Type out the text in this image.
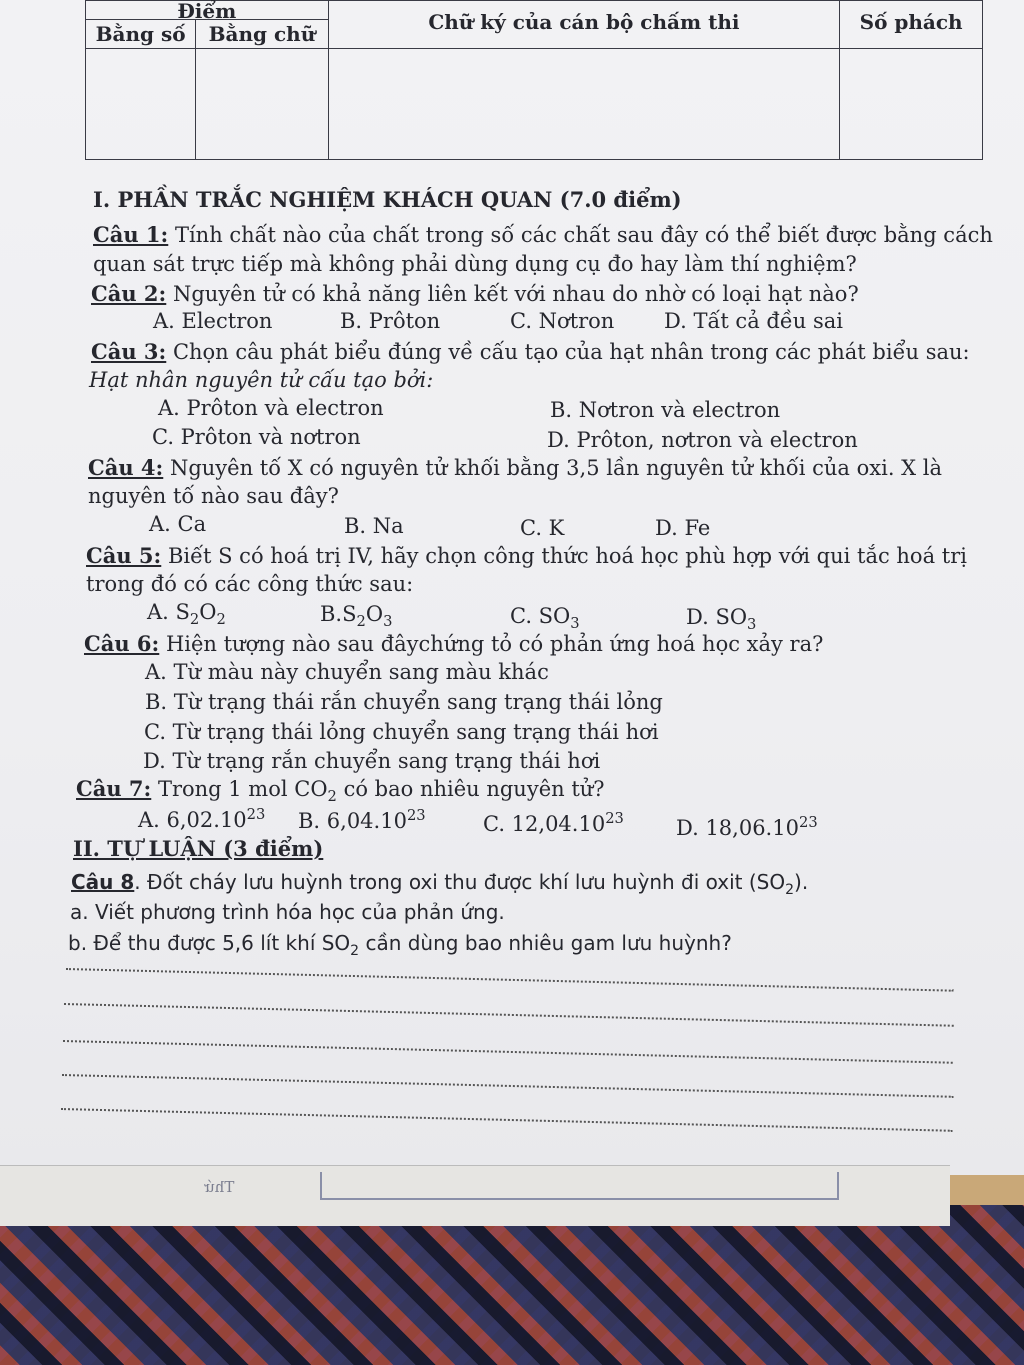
Điểm		Chữ ký của cán bộ chấm thi	Số phách
Bằng số	Bằng chữ		

I. PHẦN TRẮC NGHIỆM KHÁCH QUAN (7.0 điểm)
Câu 1: Tính chất nào của chất trong số các chất sau đây có thể biết được bằng cách
quan sát trực tiếp mà không phải dùng dụng cụ đo hay làm thí nghiệm?
Câu 2: Nguyên tử có khả năng liên kết với nhau do nhờ có loại hạt nào?
A. Electron	B. Prôton	C. Nơtron D. Tất cả đều sai
Câu 3: Chọn câu phát biểu đúng về cấu tạo của hạt nhân trong các phát biểu sau:
Hạt nhân nguyên tử cấu tạo bởi:
A. Prôton và electron	B. Nơtron và electron
C. Prôton và nơtron	D. Prôton, nơtron và electron
Câu 4: Nguyên tố X có nguyên tử khối bằng 3,5 lần nguyên tử khối của oxi. X là
nguyên tố nào sau đây?
A. Ca	B. Na	C. K	D. Fe
Câu 5: Biết S có hoá trị IV, hãy chọn công thức hoá học phù hợp với qui tắc hoá trị
trong đó có các công thức sau:
A. $S_2O_2$	$B.S_2O_3$	C. $SO_3$	D. $SO_3$
Câu 6: Hiện tượng nào sau đâychứng tỏ có phản ứng hoá học xảy ra?
A. Từ màu này chuyển sang màu khác
B. Từ trạng thái rắn chuyển sang trạng thái lỏng
C. Từ trạng thái lỏng chuyển sang trạng thái hơi
D. Từ trạng rắn chuyển sang trạng thái hơi
Câu 7: Trong 1 mol $CO_2$ có bao nhiêu nguyên tử?
A. 6,02.10$^{23}$ B. 6,04.10$^{23}$	C. 12,04.10$^{23}$ D. 18,06.10$^{23}$
II. TỰ LUẬN (3 điểm)
Câu 8. Đốt cháy lưu huỳnh trong oxi thu được khí lưu huỳnh đi oxit $(SO_2)$.
a. Viết phương trình hóa học của phản ứng.
b. Để thu được 5,6 lít khí $SO_2$ cần dùng bao nhiêu gam lưu huỳnh?
Thứ
